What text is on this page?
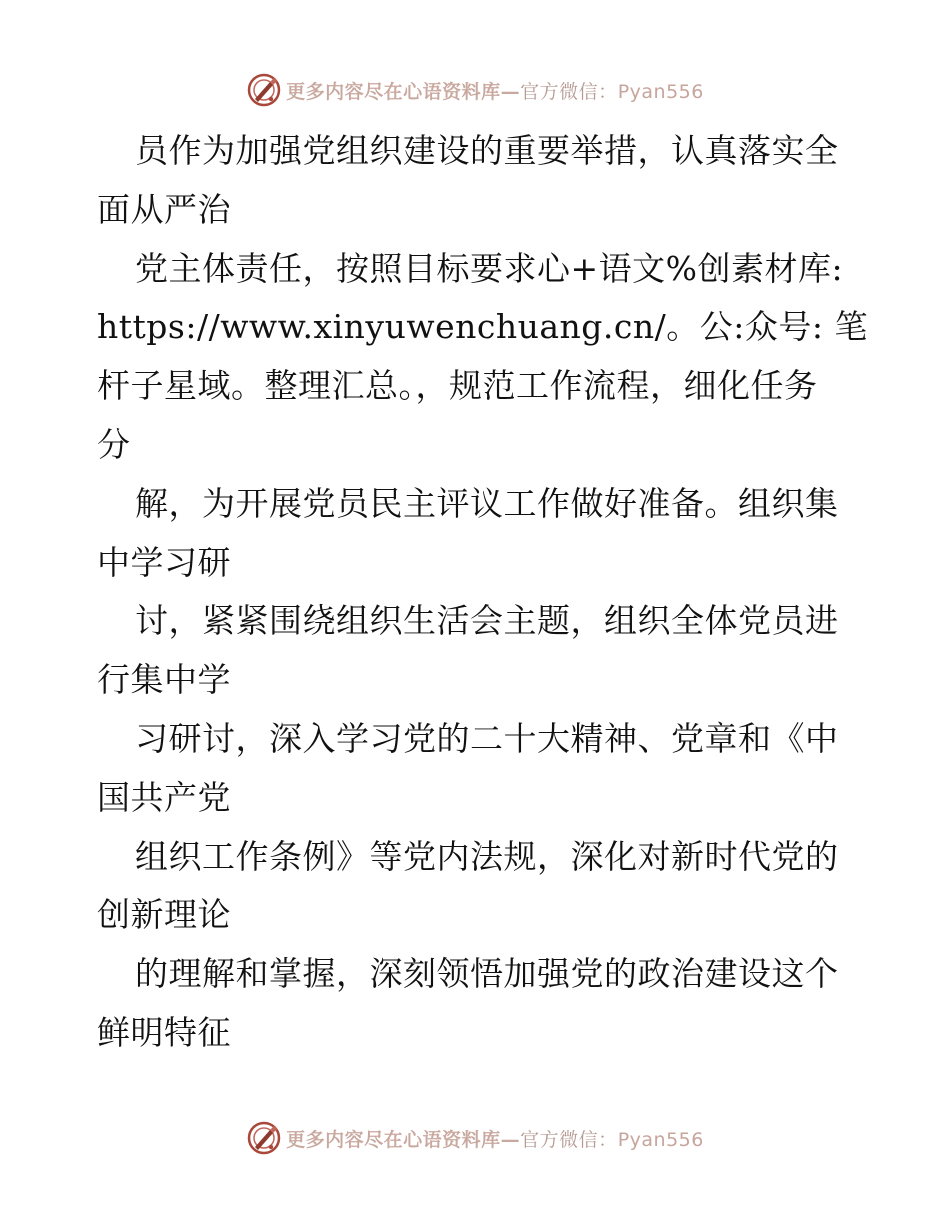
更多内容尽在心语资料库—官方微信：Pyan556
员作为加强党组织建设的重要举措，认真落实全
面从严治
党主体责任，按照目标要求心+语文%创素材库:
https://www.xinyuwenchuang.cn/。公:众号: 笔
杆子星域。整理汇总。，规范工作流程，细化任务
分
解，为开展党员民主评议工作做好准备。组织集
中学习研
讨，紧紧围绕组织生活会主题，组织全体党员进
行集中学
习研讨，深入学习党的二十大精神、党章和《中
国共产党
组织工作条例》等党内法规，深化对新时代党的
创新理论
的理解和掌握，深刻领悟加强党的政治建设这个
鲜明特征
更多内容尽在心语资料库—官方微信：Pyan556
